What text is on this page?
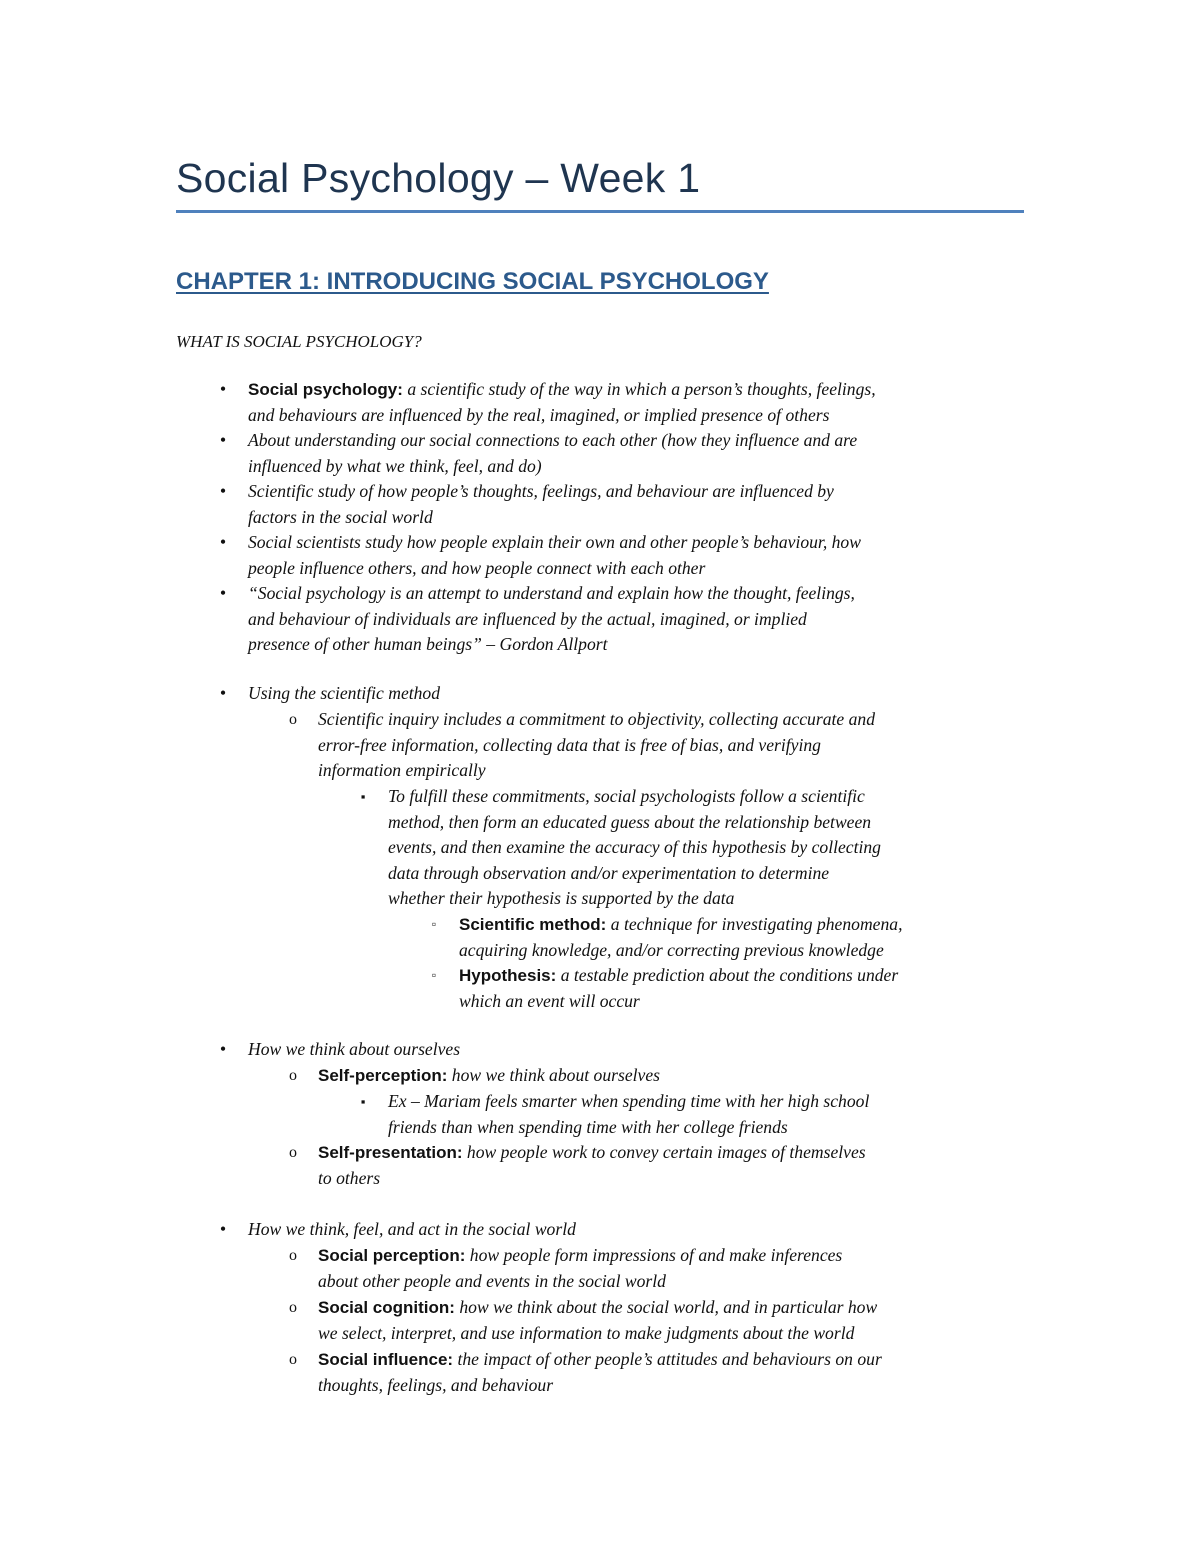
Social Psychology – Week 1
CHAPTER 1: INTRODUCING SOCIAL PSYCHOLOGY
WHAT IS SOCIAL PSYCHOLOGY?
• Social psychology: a scientific study of the way in which a person’s thoughts, feelings,
and behaviours are influenced by the real, imagined, or implied presence of others
• About understanding our social connections to each other (how they influence and are
influenced by what we think, feel, and do)
• Scientific study of how people’s thoughts, feelings, and behaviour are influenced by
factors in the social world
• Social scientists study how people explain their own and other people’s behaviour, how
people influence others, and how people connect with each other
• “Social psychology is an attempt to understand and explain how the thought, feelings,
and behaviour of individuals are influenced by the actual, imagined, or implied
presence of other human beings” – Gordon Allport
• Using the scientific method
o Scientific inquiry includes a commitment to objectivity, collecting accurate and
error-free information, collecting data that is free of bias, and verifying
information empirically
▪ To fulfill these commitments, social psychologists follow a scientific
method, then form an educated guess about the relationship between
events, and then examine the accuracy of this hypothesis by collecting
data through observation and/or experimentation to determine
whether their hypothesis is supported by the data
▫ Scientific method: a technique for investigating phenomena,
acquiring knowledge, and/or correcting previous knowledge
▫ Hypothesis: a testable prediction about the conditions under
which an event will occur
• How we think about ourselves
o Self-perception: how we think about ourselves
▪ Ex – Mariam feels smarter when spending time with her high school
friends than when spending time with her college friends
o Self-presentation: how people work to convey certain images of themselves
to others
• How we think, feel, and act in the social world
o Social perception: how people form impressions of and make inferences
about other people and events in the social world
o Social cognition: how we think about the social world, and in particular how
we select, interpret, and use information to make judgments about the world
o Social influence: the impact of other people’s attitudes and behaviours on our
thoughts, feelings, and behaviour
